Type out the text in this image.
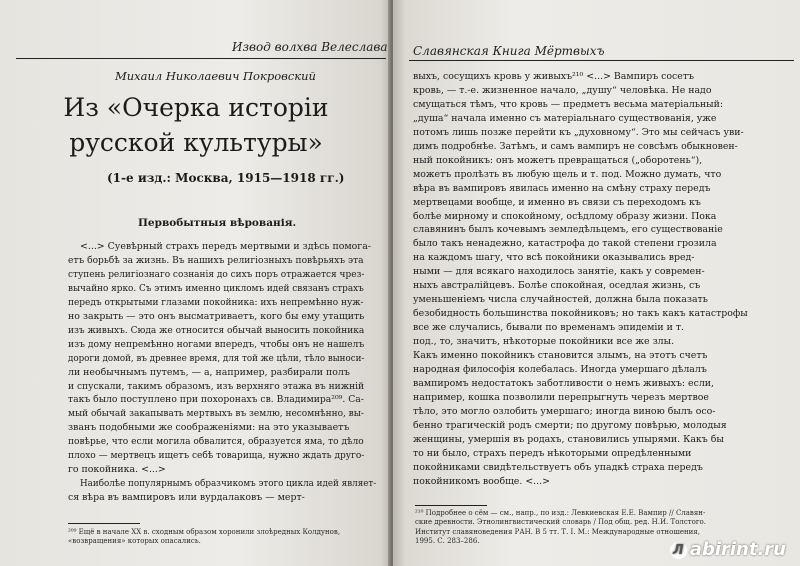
Извод волхва Велеслава
Михаил Николаевич Покровский
Из «Очерка исторіи
русской культуры»
(1-е изд.: Москва, 1915—1918 гг.)
Первобытныя вѣрованія.
<...> Суевѣрный страхъ передъ мертвыми и здѣсь помога-
етъ борьбѣ за жизнь. Въ нашихъ религіозныхъ повѣрьяхъ эта
ступень религіознаго сознанія до сихъ поръ отражается чрез-
вычайно ярко. Съ этимъ именно цикломъ идей связанъ страхъ
передъ открытыми глазами покойника: ихъ непремѣнно нуж-
но закрыть — это онъ высматриваетъ, кого бы ему утащить
изъ живыхъ. Сюда же относится обычай выносить покойника
изъ дому непремѣнно ногами впередъ, чтобы онъ не нашелъ
дороги домой, въ древнее время, для той же цѣли, тѣло выноси-
ли необычнымъ путемъ, — а, например, разбирали полъ
и спускали, такимъ образомъ, изъ верхняго этажа въ нижній
такъ было поступлено при похоронахъ св. Владимира²⁰⁹. Са-
мый обычай закапывать мертвыхъ въ землю, несомнѣнно, вы-
званъ подобными же соображеніями: на это указываетъ
повѣрье, что если могила обвалится, образуется яма, то дѣло
плохо — мертвецъ ищетъ себѣ товарища, нужно ждать друго-
го покойника. <...>
Наиболѣе популярнымъ образчикомъ этого цикла идей являет-
ся вѣра въ вампировъ или вурдалаковъ — мерт-
²⁰⁹ Ещё в начале XX в. сходным образом хоронили злоѣредных Колдунов,
«возвращения» которых опасались.
Славянская Книга Мёртвыхъ
выхъ, сосущихъ кровь у живыхъ²¹⁰ <...> Вампиръ сосетъ
кровь, — т.-е. жизненное начало, „душу“ человѣка. Не надо
смущаться тѣмъ, что кровь — предметъ весьма матеріальный:
„душа“ начала именно съ матеріальнаго существованія, уже
потомъ лишь позже перейти къ „духовному“. Это мы сейчасъ уви-
димъ подробнѣе. Затѣмъ, и самъ вампиръ не совсѣмъ обыкновен-
ный покойникъ: онъ можетъ превращаться („оборотень“),
можетъ пролѣзть въ любую щель и т. под. Можно думать, что
вѣра въ вампировъ явилась именно на смѣну страху передъ
мертвецами вообще, и именно въ связи съ переходомъ къ
болѣе мирному и спокойному, осѣдлому образу жизни. Пока
славянинъ былъ кочевымъ земледѣльцемъ, его существованіе
было такъ ненадежно, катастрофа до такой степени грозила
на каждомъ шагу, что всѣ покойники оказывались вред-
ными — для всякаго находилось занятіе, какъ у современ-
ныхъ австралійцевъ. Болѣе спокойная, оседлая жизнь, съ
уменьшеніемъ числа случайностей, должна была показать
безобидность большинства покойниковъ; но такъ какъ катастрофы
все же случались, бывали по временамъ эпидеміи и т.
под., то, значитъ, нѣкоторые покойники все же злы.
Какъ именно покойникъ становится злымъ, на этотъ счетъ
народная философія колебалась. Иногда умершаго дѣлалъ
вампиромъ недостатокъ заботливости о немъ живыхъ: если,
например, кошка позволили перепрыгнуть черезъ мертвое
тѣло, это могло озлобить умершаго; иногда виною былъ осо-
бенно трагическій родъ смерти; по другому повѣрью, молодыя
женщины, умершія въ родахъ, становились упырями. Какъ бы
то ни было, страхъ передъ нѣкоторыми опредѣленными
покойниками свидѣтельствуетъ объ упадкѣ страха передъ
покойникомъ вообще. <...>
²¹⁰ Подробнее о сём — см., напр., по изд.: Левкиевская Е.Е. Вампир // Славян-
ские древности. Этнолингвистический словарь / Под общ. ред. Н.И. Толстого.
Институт славяноведения РАН. В 5 тт. Т. I. М.: Международные отношения,
1995. С. 283–286.
Л abirint.ru
